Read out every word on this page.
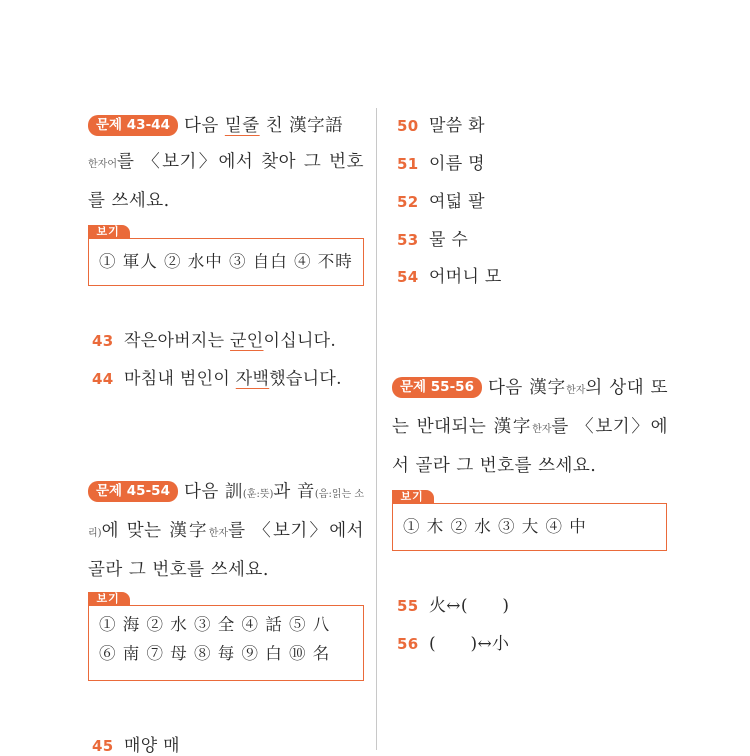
문제 43-44 다음 밑줄 친 漢字語
한자어를 〈보기〉에서 찾아 그 번호를 쓰세요.
보기
① 軍人 ② 水中 ③ 自白 ④ 不時
43 작은아버지는 군인이십니다.
44 마침내 범인이 자백했습니다.
문제 45-54 다음 訓(훈:뜻)과 音(음:읽는 소리)에 맞는 漢字한자를 〈보기〉에서 골라 그 번호를 쓰세요.
보기
① 海 ② 水 ③ 全 ④ 話 ⑤ 八
⑥ 南 ⑦ 母 ⑧ 每 ⑨ 白 ⑩ 名
45 매양 매
50 말씀 화
51 이름 명
52 여덟 팔
53 물 수
54 어머니 모
문제 55-56 다음 漢字한자의 상대 또는 반대되는 漢字한자를 〈보기〉에서 골라 그 번호를 쓰세요.
보기
① 木 ② 水 ③ 大 ④ 中
55 火↔(　　)
56 (　　)↔小
